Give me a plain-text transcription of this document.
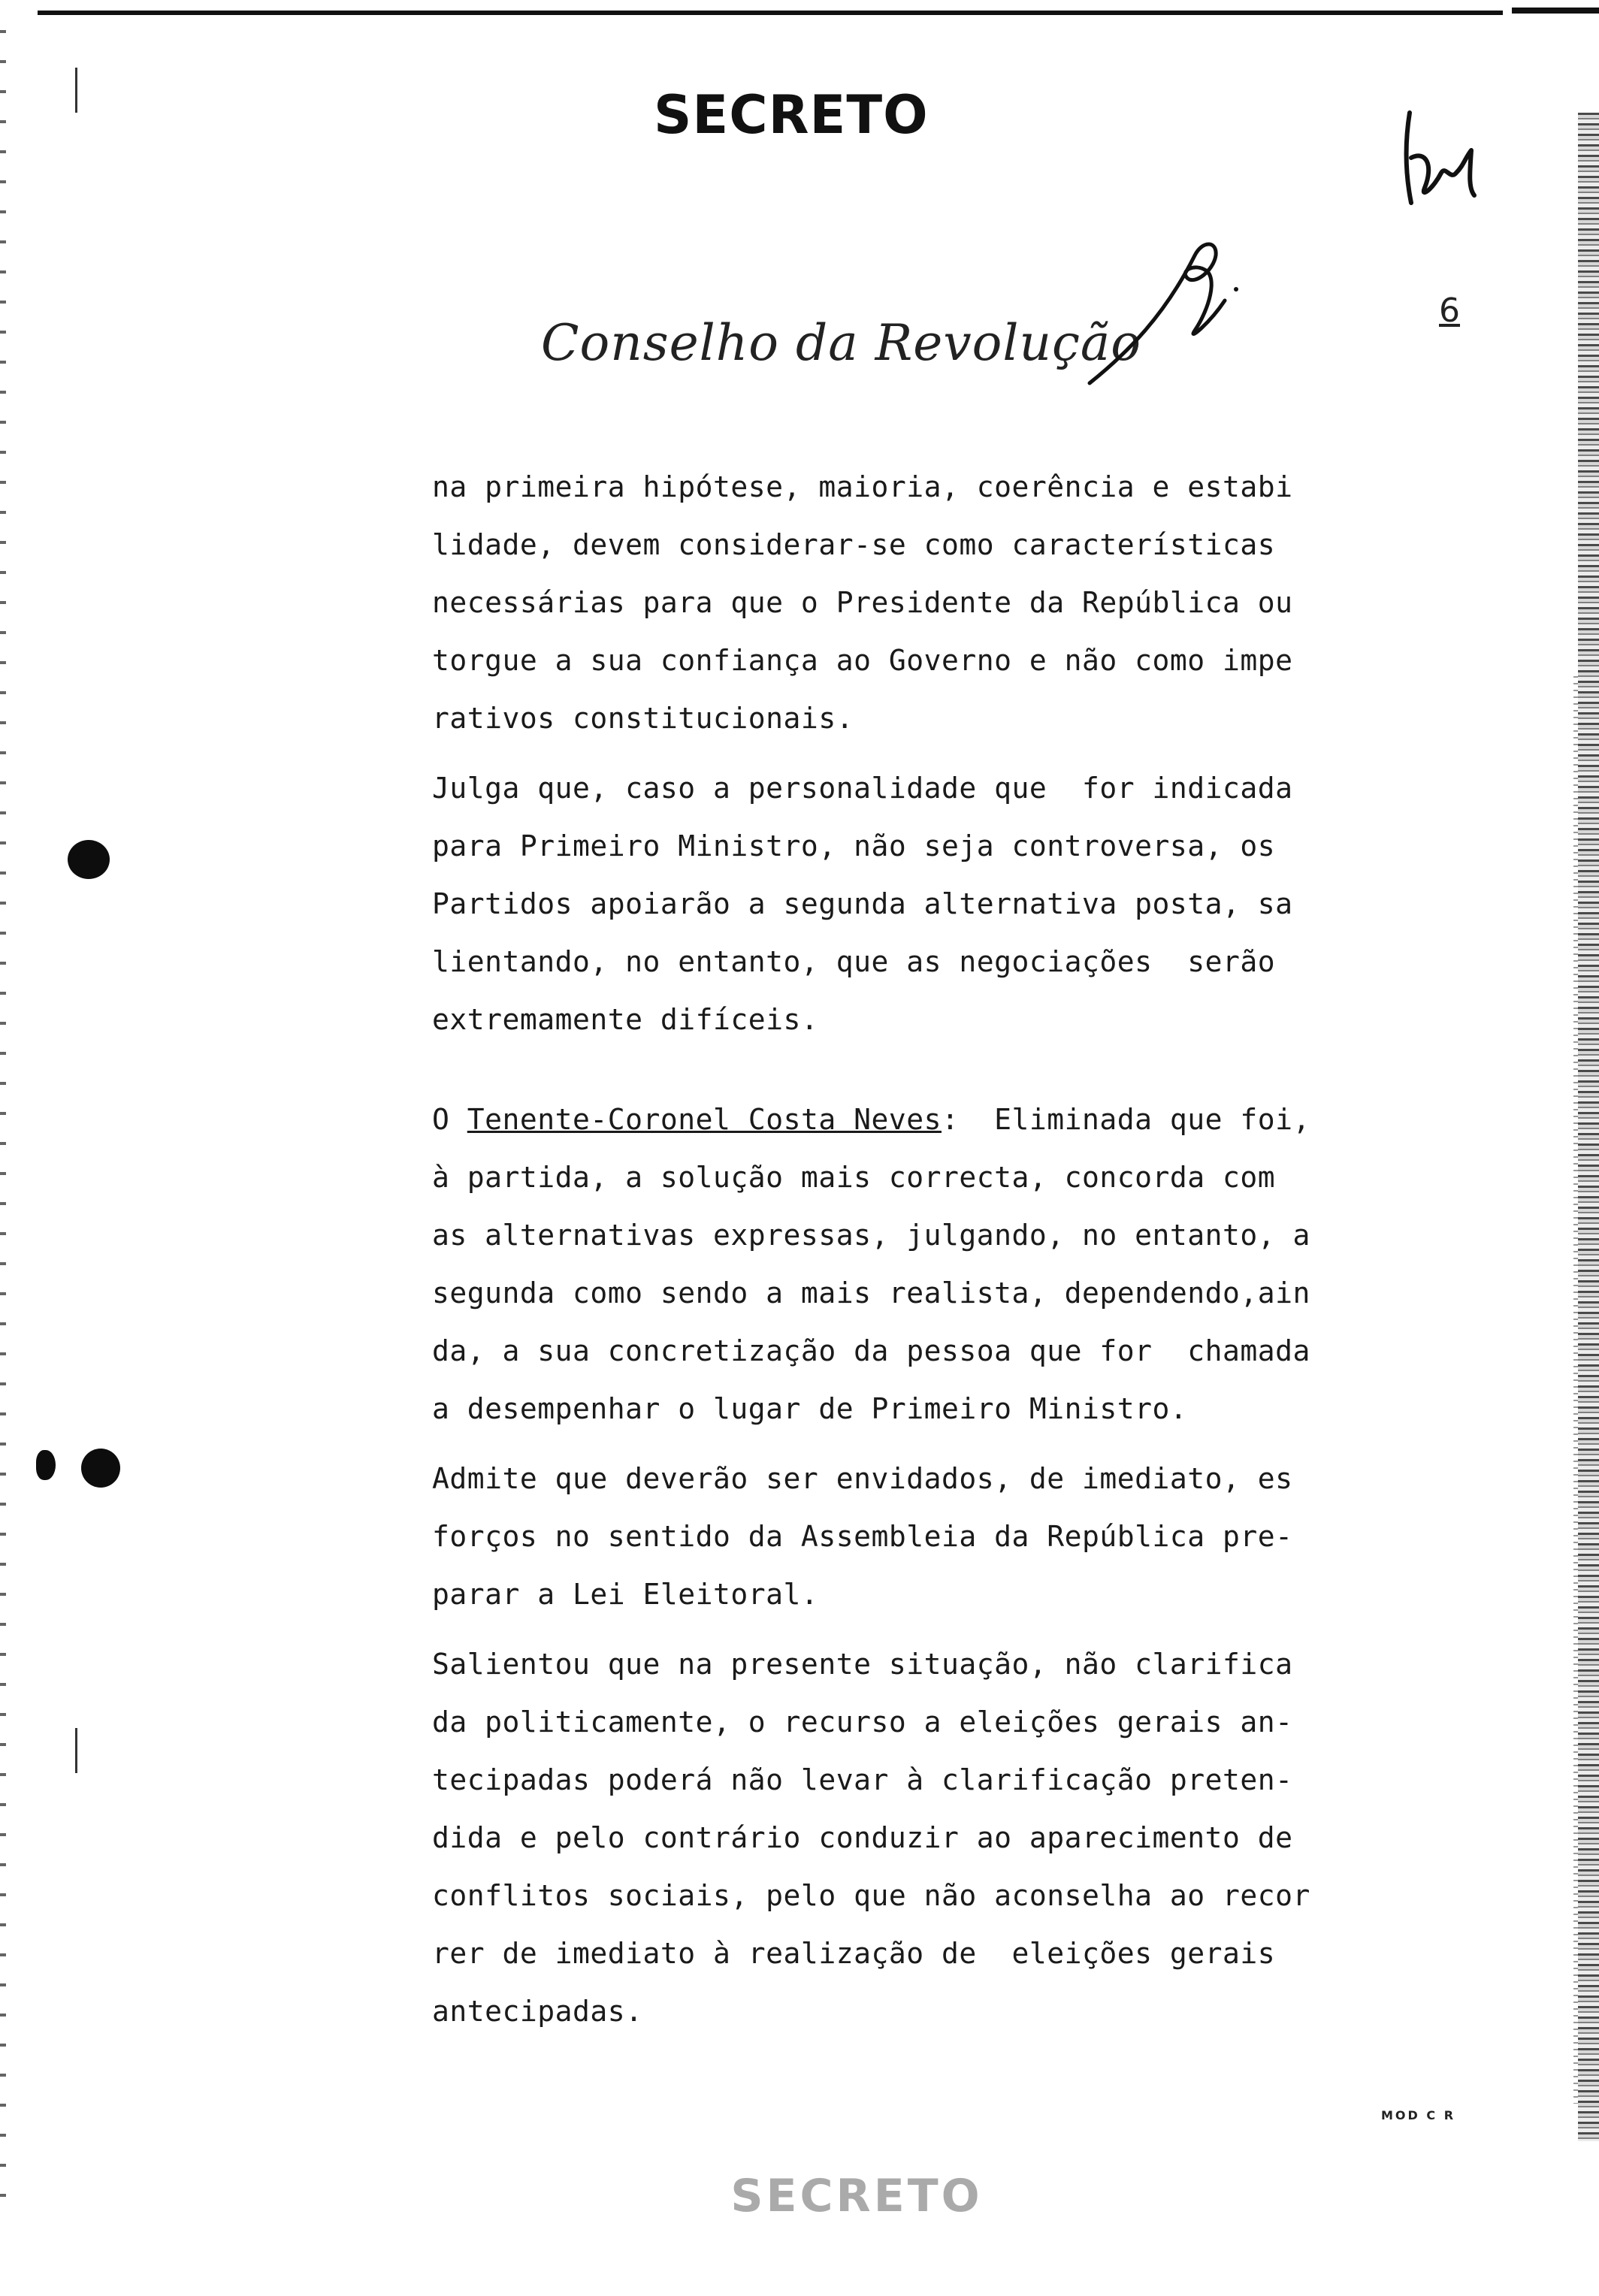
SECRETO
Conselho da Revolução
6
na primeira hipótese, maioria, coerência e estabi
lidade, devem considerar-se como características
necessárias para que o Presidente da República ou
torgue a sua confiança ao Governo e não como impe
rativos constitucionais.
Julga que, caso a personalidade que  for indicada
para Primeiro Ministro, não seja controversa, os
Partidos apoiarão a segunda alternativa posta, sa
lientando, no entanto, que as negociações  serão
extremamente difíceis.
O Tenente-Coronel Costa Neves:  Eliminada que foi,
à partida, a solução mais correcta, concorda com
as alternativas expressas, julgando, no entanto, a
segunda como sendo a mais realista, dependendo,ain
da, a sua concretização da pessoa que for  chamada
a desempenhar o lugar de Primeiro Ministro.
Admite que deverão ser envidados, de imediato, es
forços no sentido da Assembleia da República pre-
parar a Lei Eleitoral.
Salientou que na presente situação, não clarifica
da politicamente, o recurso a eleições gerais an-
tecipadas poderá não levar à clarificação preten-
dida e pelo contrário conduzir ao aparecimento de
conflitos sociais, pelo que não aconselha ao recor
rer de imediato à realização de  eleições gerais
antecipadas.
MOD C R
SECRETO
